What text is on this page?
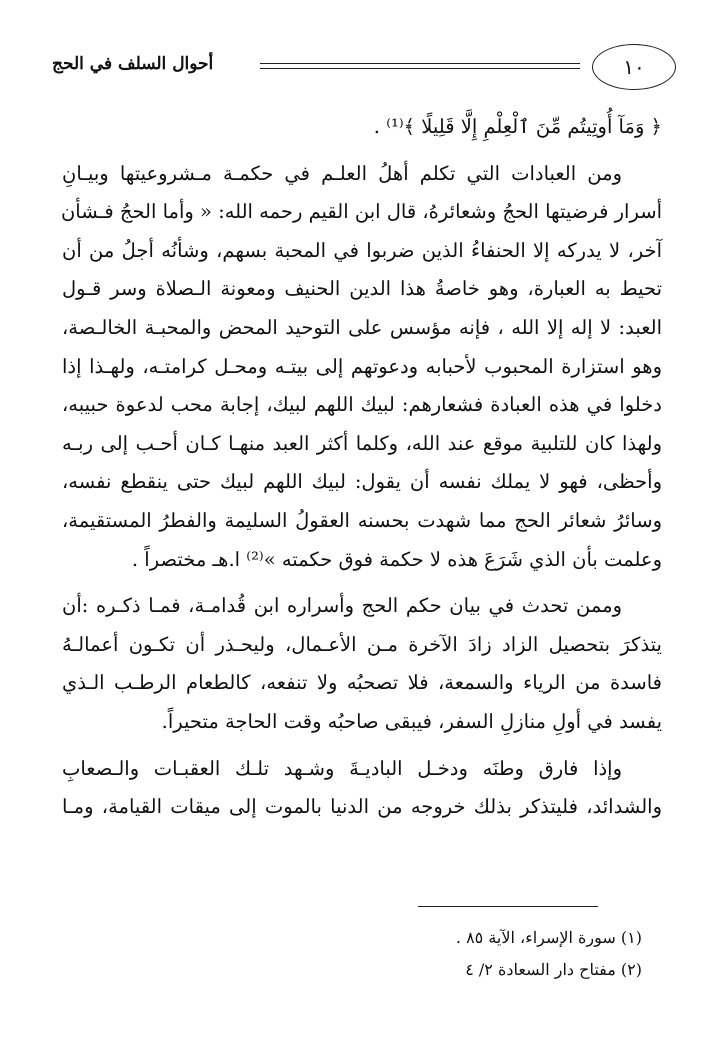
١٠
أحوال السلف في الحج
﴿ وَمَآ أُوتِيتُم مِّنَ ٱلْعِلْمِ إِلَّا قَلِيلًا ﴾⁽¹⁾ .
ومن العبادات التي تكلم أهلُ العلـم في حكمـة مـشروعيتها وبيـانِ
أسرار فرضيتها الحجُ وشعائرهُ، قال ابن القيم رحمه الله: « وأما الحجُ فـشأن
آخر، لا يدركه إلا الحنفاءُ الذين ضربوا في المحبة بسهم، وشأنُه أجلُ من أن
تحيط به العبارة، وهو خاصةُ هذا الدين الحنيف ومعونة الـصلاة وسر قـول
العبد: لا إله إلا الله ، فإنه مؤسس على التوحيد المحض والمحبـة الخالـصة،
وهو استزارة المحبوب لأحبابه ودعوتهم إلى بيتـه ومحـل كرامتـه، ولهـذا إذا
دخلوا في هذه العبادة فشعارهم: لبيك اللهم لبيك، إجابة محب لدعوة حبيبه،
ولهذا كان للتلبية موقع عند الله، وكلما أكثر العبد منهـا كـان أحـب إلى ربـه
وأحظى، فهو لا يملك نفسه أن يقول: لبيك اللهم لبيك حتى ينقطع نفسه،
وسائرُ شعائر الحج مما شهدت بحسنه العقولُ السليمة والفطرُ المستقيمة،
وعلمت بأن الذي شَرَعَ هذه لا حكمة فوق حكمته »⁽²⁾ ا.هـ مختصراً .
وممن تحدث في بيان حكم الحج وأسراره ابن قُدامـة، فمـا ذكـره :أن
يتذكرَ بتحصيل الزاد زادَ الآخرة مـن الأعـمال، وليحـذر أن تكـون أعمالـهُ
فاسدة من الرياء والسمعة، فلا تصحبُه ولا تنفعه، كالطعام الرطـب الـذي
يفسد في أولِ منازلِ السفر، فيبقى صاحبُه وقت الحاجة متحيراً.
وإذا فارق وطنَه ودخـل الباديـةَ وشـهد تلـك العقبـات والـصعابِ
والشدائد، فليتذكر بذلك خروجه من الدنيا بالموت إلى ميقات القيامة، ومـا
(١) سورة الإسراء، الآية ٨٥ .
(٢) مفتاح دار السعادة ٢/ ٤
